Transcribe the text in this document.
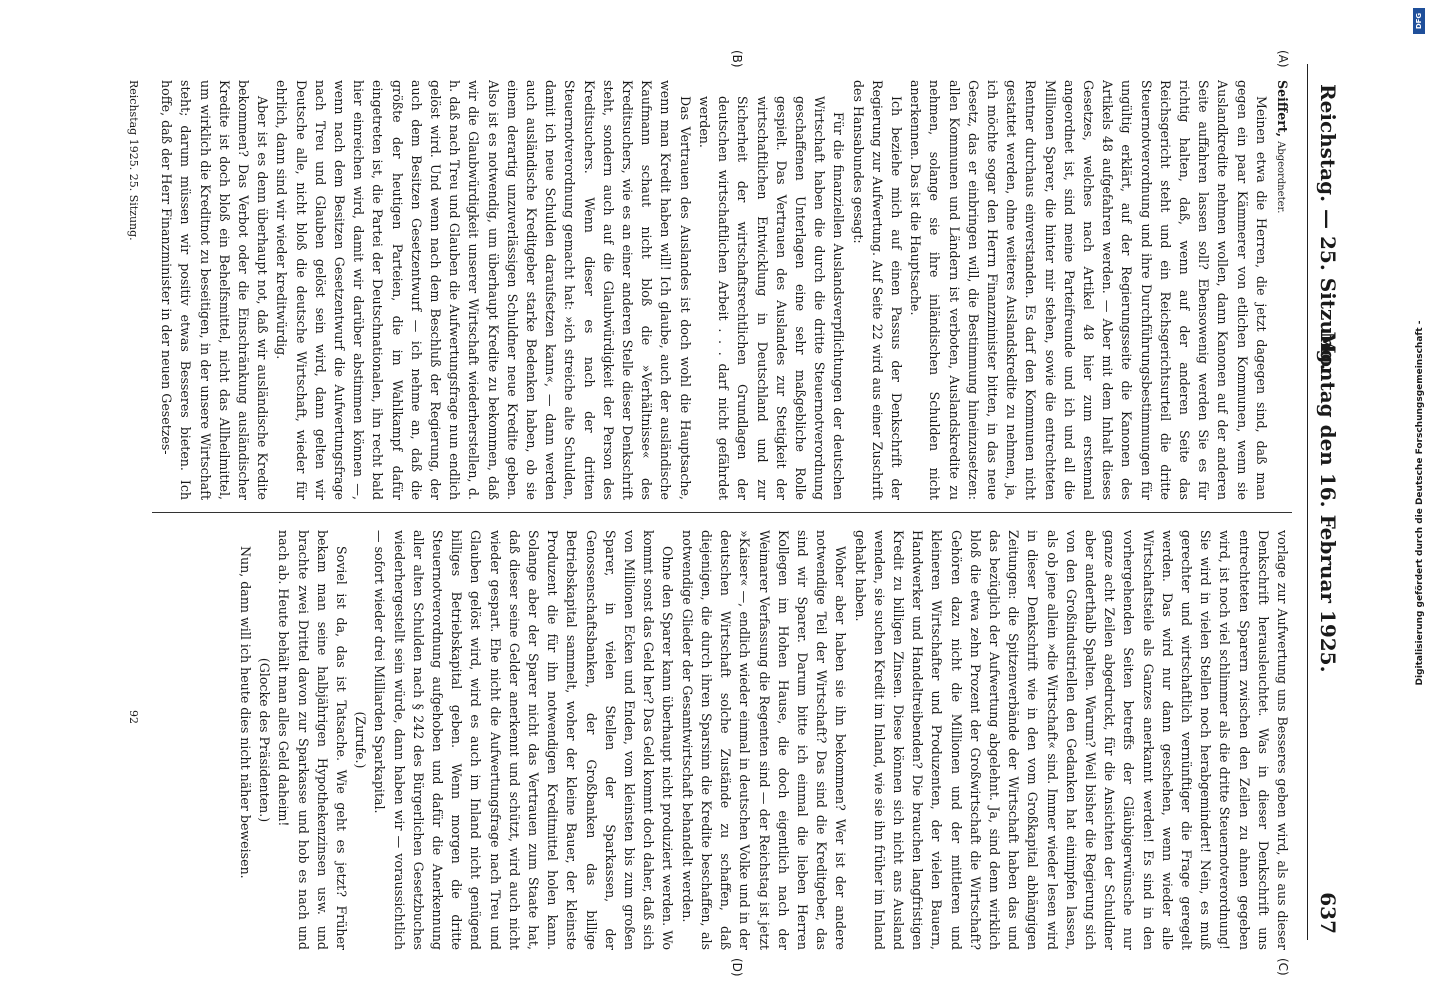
Reichstag. — 25. Sitzung.
Montag den 16. Februar 1925.
637
(A)
(B)
(C)
(D)

Seiffert, Abgeordneter.

Meinen etwa die Herren, die jetzt dagegen sind, daß man gegen ein paar Kämmerer von etlichen Kommunen, wenn sie Auslandkredite nehmen wollen, dann Kanonen auf der anderen Seite auffahren lassen soll? Ebensowenig werden Sie es für richtig halten, daß, wenn auf der anderen Seite das Reichsgericht steht und ein Reichsgerichtsurteil die dritte Steuernotverordnung und ihre Durchführungsbestimmungen für ungültig erklärt, auf der Regierungsseite die Kanonen des Artikels 48 aufgefahren werden. — Aber mit dem Inhalt dieses Gesetzes, welches nach Artikel 48 hier zum erstenmal angeordnet ist, sind meine Parteifreunde und ich und all die Millionen Sparer, die hinter mir stehen, sowie die entrechteten Rentner durchaus einverstanden. Es darf den Kommunen nicht gestattet werden, ohne weiteres Auslandskredite zu nehmen, ja, ich möchte sogar den Herrn Finanzminister bitten, in das neue Gesetz, das er einbringen will, die Bestimmung hineinzusetzen: allen Kommunen und Ländern ist verboten, Auslandskredite zu nehmen, solange sie ihre inländischen Schulden nicht anerkennen. Das ist die Hauptsache.

Ich beziehe mich auf einen Passus der Denkschrift der Regierung zur Aufwertung. Auf Seite 22 wird aus einer Zuschrift des Hansabundes gesagt:

Für die finanziellen Auslandsverpflichtungen der deutschen Wirtschaft haben die durch die dritte Steuernotverordnung geschaffenen Unterlagen eine sehr maßgebliche Rolle gespielt. Das Vertrauen des Auslandes zur Stetigkeit der wirtschaftlichen Entwicklung in Deutschland und zur Sicherheit der wirtschaftsrechtlichen Grundlagen der deutschen wirtschaftlichen Arbeit . . . darf nicht gefährdet werden.

Das Vertrauen des Auslandes ist doch wohl die Hauptsache, wenn man Kredit haben will! Ich glaube, auch der ausländische Kaufmann schaut nicht bloß die »Verhältnisse« des Kreditsuchers, wie es an einer anderen Stelle dieser Denkschrift steht, sondern auch auf die Glaubwürdigkeit der Person des Kreditsuchers. Wenn dieser es nach der dritten Steuernotverordnung gemacht hat: »ich streiche alte Schulden, damit ich neue Schulden daraufsetzen kann«, — dann werden auch ausländische Kreditgeber starke Bedenken haben, ob sie einem derartig unzuverlässigen Schuldner neue Kredite geben. Also ist es notwendig, um überhaupt Kredite zu bekommen, daß wir die Glaubwürdigkeit unserer Wirtschaft wiederherstellen, d. h. daß nach Treu und Glauben die Aufwertungsfrage nun endlich gelöst wird. Und wenn nach dem Beschluß der Regierung, der auch dem Besitzen Gesetzentwurf — ich nehme an, daß die größte der heutigen Parteien, die im Wahlkampf dafür eingetreten ist, die Partei der Deutschnationalen, ihn recht bald hier einreichen wird, damit wir darüber abstimmen können —, wenn nach dem Besitzen Gesetzentwurf die Aufwertungsfrage nach Treu und Glauben gelöst sein wird, dann gelten wir Deutsche alle, nicht bloß die deutsche Wirtschaft, wieder für ehrlich, dann sind wir wieder kreditwürdig.

Aber ist es denn überhaupt not, daß wir ausländische Kredite bekommen? Das Verbot oder die Einschränkung ausländischer Kredite ist doch bloß ein Behelfsmittel, nicht das Allheilmittel, um wirklich die Kreditnot zu beseitigen, in der unsere Wirtschaft steht; darum müssen wir positiv etwas Besseres bieten. Ich hoffe, daß der Herr Finanzminister in der neuen Gesetzes-

vorlage zur Aufwertung uns Besseres geben wird, als aus dieser Denkschrift herausleuchtet. Was in dieser Denkschrift uns entrechteten Sparern zwischen den Zeilen zu ahnen gegeben wird, ist noch viel schlimmer als die dritte Steuernotverordnung! Sie wird in vielen Stellen noch herabgemindert! Nein, es muß gerechter und wirtschaftlich vernünftiger die Frage geregelt werden. Das wird nur dann geschehen, wenn wieder alle Wirtschaftsteile als Ganzes anerkannt werden! Es sind in den vorhergehenden Seiten betreffs der Gläubigerwünsche nur ganze acht Zeilen abgedruckt, für die Ansichten der Schuldner aber anderthalb Spalten. Warum? Weil bisher die Regierung sich von den Großindustriellen den Gedanken hat einimpfen lassen, als ob jene allein »die Wirtschaft« sind. Immer wieder lesen wird in dieser Denkschrift wie in den vom Großkapital abhängigen Zeitungen: die Spitzenverbände der Wirtschaft haben das und das bezüglich der Aufwertung abgelehnt. Ja, sind denn wirklich bloß die etwa zehn Prozent der Großwirtschaft die Wirtschaft? Gehören dazu nicht die Millionen und der mittleren und kleineren Wirtschafter und Produzenten, der vielen Bauern, Handwerker und Handeltreibenden? Die brauchen langfristigen Kredit zu billigen Zinsen. Diese können sich nicht ans Ausland wenden, sie suchen Kredit im Inland, wie sie ihn früher im Inland gehabt haben.

Woher aber haben sie ihn bekommen? Wer ist der andere notwendige Teil der Wirtschaft? Das sind die Kreditgeber, das sind wir Sparer. Darum bitte ich einmal die lieben Herren Kollegen im Hohen Hause, die doch eigentlich nach der Weimarer Verfassung die Regenten sind — der Reichstag ist jetzt »Kaiser« —, endlich wieder einmal in deutschen Volke und in der deutschen Wirtschaft solche Zustände zu schaffen, daß diejenigen, die durch ihren Sparsinn die Kredite beschaffen, als notwendige Glieder der Gesamtwirtschaft behandelt werden.

Ohne den Sparer kann überhaupt nicht produziert werden. Wo kommt sonst das Geld her? Das Geld kommt doch daher, daß sich von Millionen Ecken und Enden, vom kleinsten bis zum großen Sparer, in vielen Stellen der Sparkassen, der Genossenschaftsbanken, der Großbanken das billige Betriebskapital sammelt, woher der kleine Bauer, der kleinste Produzent die für ihn notwendigen Kreditmittel holen kann. Solange aber der Sparer nicht das Vertrauen zum Staate hat, daß dieser seine Gelder anerkennt und schützt, wird auch nicht wieder gespart. Ehe nicht die Aufwertungsfrage nach Treu und Glauben gelöst wird, wird es auch im Inland nicht genügend billiges Betriebskapital geben. Wenn morgen die dritte Steuernotverordnung aufgehoben und dafür die Anerkennung aller alten Schulden nach § 242 des Bürgerlichen Gesetzbuches wiederhergestellt sein würde, dann haben wir — voraussichtlich — sofort wieder drei Milliarden Sparkapital.

(Zurufe.)

Soviel ist da, das ist Tatsache. Wie geht es jetzt? Früher bekam man seine halbjährigen Hypothekenzinsen usw. und brachte zwei Drittel davon zur Sparkasse und hob es nach und nach ab. Heute behält man alles Geld daheim!

(Glocke des Präsidenten.)

Nun, dann will ich heute dies nicht näher beweisen.

Reichstag 1925. 25. Sitzung.
92
Digitalisierung gefördert durch die Deutsche Forschungsgemeinschaft -
DFG
